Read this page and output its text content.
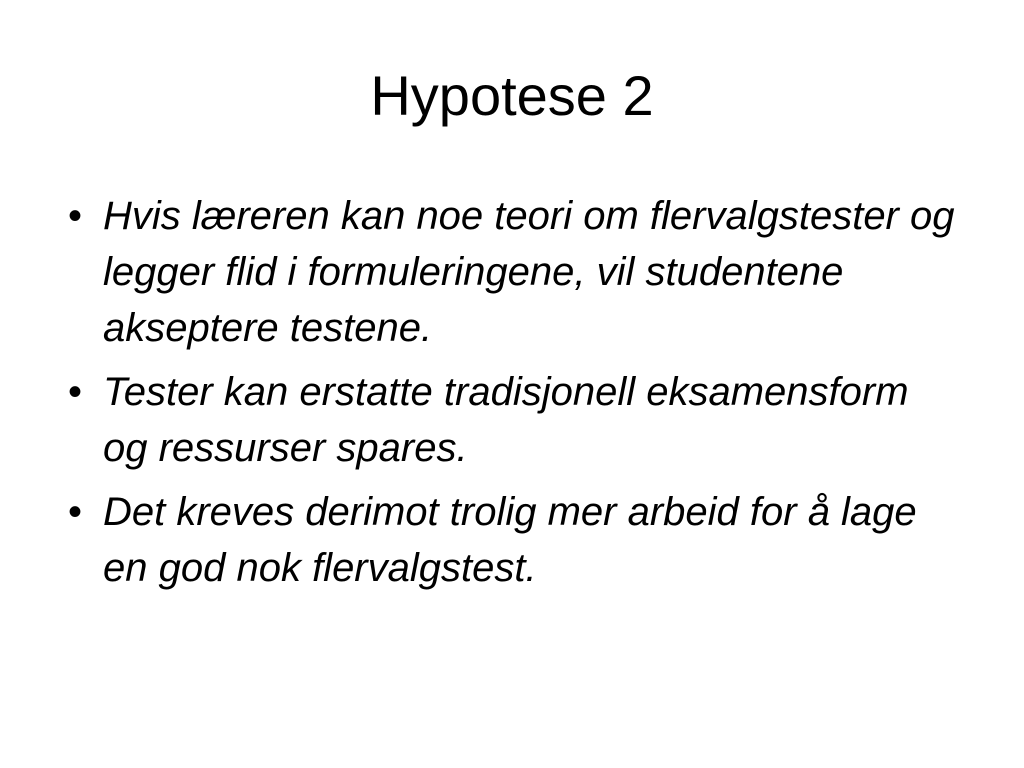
Hypotese 2
• Hvis læreren kan noe teori om flervalgstester og legger flid i formuleringene, vil studentene akseptere testene.
• Tester kan erstatte tradisjonell eksamensform og ressurser spares.
• Det kreves derimot trolig mer arbeid for å lage en god nok flervalgstest.
